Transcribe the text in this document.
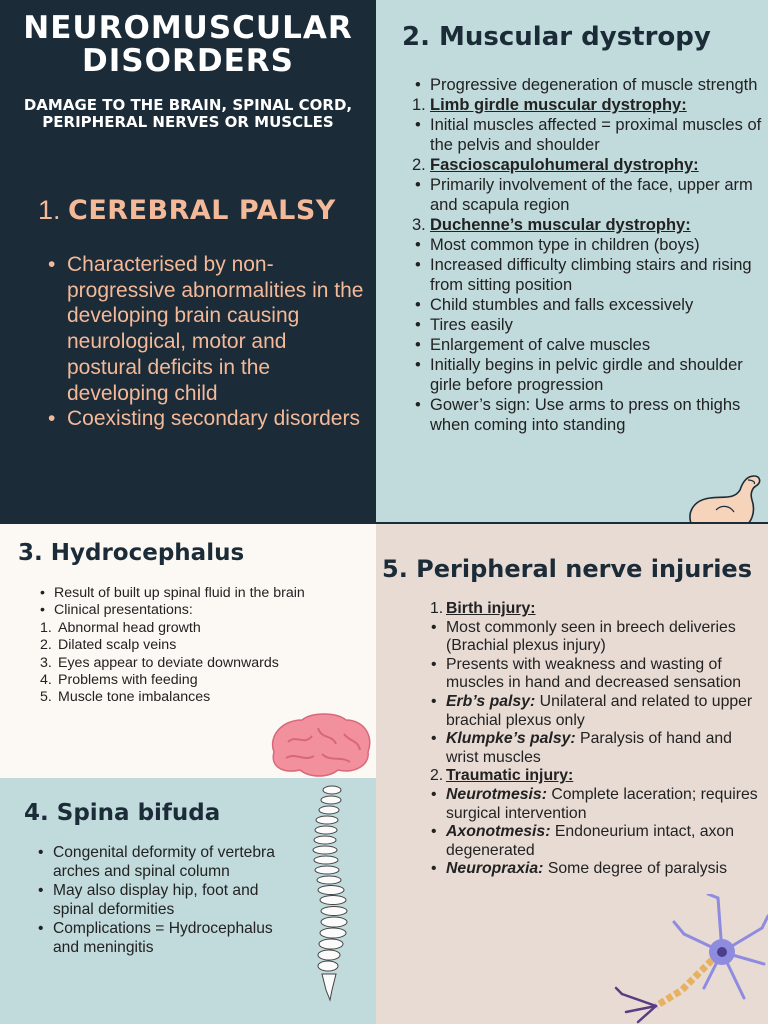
NEUROMUSCULAR DISORDERS

DAMAGE TO THE BRAIN, SPINAL CORD, PERIPHERAL NERVES OR MUSCLES

1. CEREBRAL PALSY
• Characterised by non-progressive abnormalities in the developing brain causing neurological, motor and postural deficits in the developing child
• Coexisting secondary disorders
2. Muscular dystropy
• Progressive degeneration of muscle strength
1. Limb girdle muscular dystrophy:
• Initial muscles affected = proximal muscles of the pelvis and shoulder
2. Fascioscapulohumeral dystrophy:
• Primarily involvement of the face, upper arm and scapula region
3. Duchenne’s muscular dystrophy:
• Most common type in children (boys)
• Increased difficulty climbing stairs and rising from sitting position
• Child stumbles and falls excessively
• Tires easily
• Enlargement of calve muscles
• Initially begins in pelvic girdle and shoulder girle before progression
• Gower’s sign: Use arms to press on thighs when coming into standing
3. Hydrocephalus
• Result of built up spinal fluid in the brain
• Clinical presentations:
1. Abnormal head growth
2. Dilated scalp veins
3. Eyes appear to deviate downwards
4. Problems with feeding
5. Muscle tone imbalances
4. Spina bifuda
• Congenital deformity of vertebra arches and spinal column
• May also display hip, foot and spinal deformities
• Complications = Hydrocephalus and meningitis
5. Peripheral nerve injuries
1. Birth injury:
• Most commonly seen in breech deliveries (Brachial plexus injury)
• Presents with weakness and wasting of muscles in hand and decreased sensation
• Erb’s palsy: Unilateral and related to upper brachial plexus only
• Klumpke’s palsy: Paralysis of hand and wrist muscles
2. Traumatic injury:
• Neurotmesis: Complete laceration; requires surgical intervention
• Axonotmesis: Endoneurium intact, axon degenerated
• Neuropraxia: Some degree of paralysis
